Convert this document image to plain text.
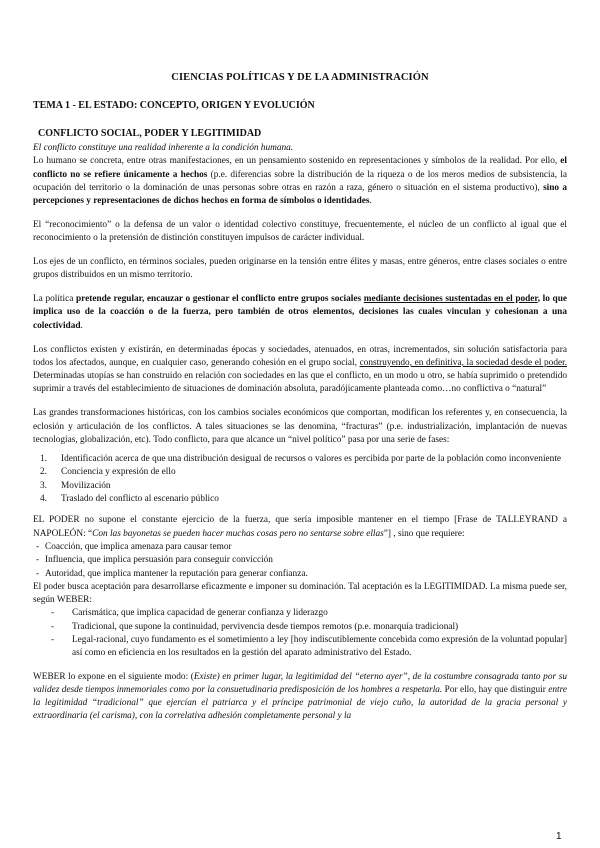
CIENCIAS POLÍTICAS Y DE LA ADMINISTRACIÓN
TEMA 1 - EL ESTADO: CONCEPTO, ORIGEN Y EVOLUCIÓN
CONFLICTO SOCIAL, PODER Y LEGITIMIDAD

El conflicto constituye una realidad inherente a la condición humana.

Lo humano se concreta, entre otras manifestaciones, en un pensamiento sostenido en representaciones y símbolos de la realidad. Por ello, el conflicto no se refiere únicamente a hechos (p.e. diferencias sobre la distribución de la riqueza o de los meros medios de subsistencia, la ocupación del territorio o la dominación de unas personas sobre otras en razón a raza, género o situación en el sistema productivo), sino a percepciones y representaciones de dichos hechos en forma de símbolos o identidades.

El “reconocimiento” o la defensa de un valor o identidad colectivo constituye, frecuentemente, el núcleo de un conflicto al igual que el reconocimiento o la pretensión de distinción constituyen impulsos de carácter individual.

Los ejes de un conflicto, en términos sociales, pueden originarse en la tensión entre élites y masas, entre géneros, entre clases sociales o entre grupos distribuidos en un mismo territorio.

La política pretende regular, encauzar o gestionar el conflicto entre grupos sociales mediante decisiones sustentadas en el poder, lo que implica uso de la coacción o de la fuerza, pero también de otros elementos, decisiones las cuales vinculan y cohesionan a una colectividad.

Los conflictos existen y existirán, en determinadas épocas y sociedades, atenuados, en otras, incrementados, sin solución satisfactoria para todos los afectados, aunque, en cualquier caso, generando cohesión en el grupo social, construyendo, en definitiva, la sociedad desde el poder. Determinadas utopías se han construido en relación con sociedades en las que el conflicto, en un modo u otro, se había suprimido o pretendido suprimir a través del establecimiento de situaciones de dominación absoluta, paradójicamente planteada como…no conflictiva o “natural”

Las grandes transformaciones históricas, con los cambios sociales económicos que comportan, modifican los referentes y, en consecuencia, la eclosión y articulación de los conflictos. A tales situaciones se las denomina, “fracturas” (p.e. industrialización, implantación de nuevas tecnologías, globalización, etc). Todo conflicto, para que alcance un “nivel político” pasa por una serie de fases:

1. Identificación acerca de que una distribución desigual de recursos o valores es percibida por parte de la población como inconveniente
2. Conciencia y expresión de ello
3. Movilización
4. Traslado del conflicto al escenario público

EL PODER no supone el constante ejercicio de la fuerza, que sería imposible mantener en el tiempo [Frase de TALLEYRAND a NAPOLEÓN: “Con las bayonetas se pueden hacer muchas cosas pero no sentarse sobre ellas”] , sino que requiere:

- Coacción, que implica amenaza para causar temor
- Influencia, que implica persuasión para conseguir convicción
- Autoridad, que implica mantener la reputación para generar confianza.

El poder busca aceptación para desarrollarse eficazmente e imponer su dominación. Tal aceptación es la LEGITIMIDAD. La misma puede ser, según WEBER:

- Carismática, que implica capacidad de generar confianza y liderazgo
- Tradicional, que supone la continuidad, pervivencia desde tiempos remotos (p.e. monarquía tradicional)
- Legal-racional, cuyo fundamento es el sometimiento a ley [hoy indiscutiblemente concebida como expresión de la voluntad popular] así como en eficiencia en los resultados en la gestión del aparato administrativo del Estado.

WEBER lo expone en el siguiente modo: (Existe) en primer lugar, la legitimidad del “eterno ayer”, de la costumbre consagrada tanto por su validez desde tiempos inmemoriales como por la consuetudinaria predisposición de los hombres a respetarla. Por ello, hay que distinguir entre la legitimidad “tradicional” que ejercían el patriarca y el príncipe patrimonial de viejo cuño, la autoridad de la gracia personal y extraordinaria (el carisma), con la correlativa adhesión completamente personal y la

1
